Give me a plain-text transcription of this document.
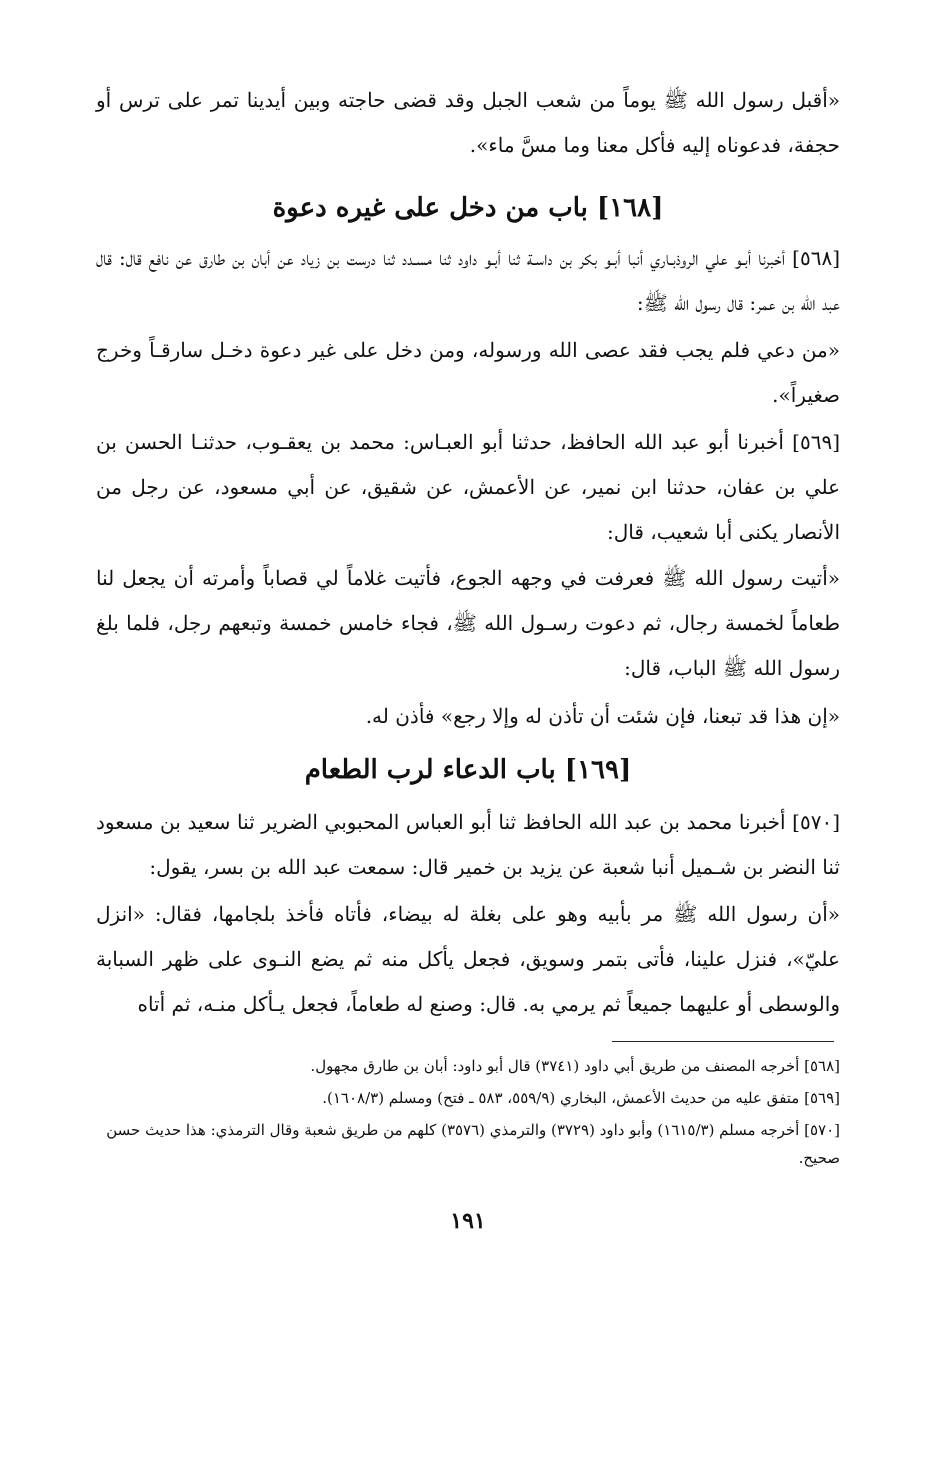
«أقبل رسول الله ﷺ يوماً من شعب الجبل وقد قضى حاجته وبين أيدينا تمر على ترس أو حجفة، فدعوناه إليه فأكل معنا وما مسَّ ماء».

[١٦٨] باب من دخل على غيره دعوة

[٥٦٨] أخبرنا أبـو علي الروذبـاري أنبا أبـو بكر بن داسـة ثنا أبـو داود ثنا مسـدد ثنا درست بن زياد عن أبان بن طارق عن نافع قال: قال عبد الله بن عمر: قال رسول الله ﷺ:

«من دعي فلم يجب فقد عصى الله ورسوله، ومن دخل على غير دعوة دخـل سارقـاً وخرج صغيراً».

[٥٦٩] أخبرنا أبو عبد الله الحافظ، حدثنا أبو العبـاس: محمد بن يعقـوب، حدثنـا الحسن بن علي بن عفان، حدثنا ابن نمير، عن الأعمش، عن شقيق، عن أبي مسعود، عن رجل من الأنصار يكنى أبا شعيب، قال:

«أتيت رسول الله ﷺ فعرفت في وجهه الجوع، فأتيت غلاماً لي قصاباً وأمرته أن يجعل لنا طعاماً لخمسة رجال، ثم دعوت رسـول الله ﷺ، فجاء خامس خمسة وتبعهم رجل، فلما بلغ رسول الله ﷺ الباب، قال:

«إن هذا قد تبعنا، فإن شئت أن تأذن له وإلا رجع» فأذن له.

[١٦٩] باب الدعاء لرب الطعام

[٥٧٠] أخبرنا محمد بن عبد الله الحافظ ثنا أبو العباس المحبوبي الضرير ثنا سعيد بن مسعود ثنا النضر بن شـميل أنبا شعبة عن يزيد بن خمير قال: سمعت عبد الله بن بسر، يقول:

«أن رسول الله ﷺ مر بأبيه وهو على بغلة له بيضاء، فأتاه فأخذ بلجامها، فقال: «انزل عليّ»، فنزل علينا، فأتى بتمر وسويق، فجعل يأكل منه ثم يضع النـوى على ظهر السبابة والوسطى أو عليهما جميعاً ثم يرمي به. قال: وصنع له طعاماً، فجعل يـأكل منـه، ثم أتاه

[٥٦٨] أخرجه المصنف من طريق أبي داود (٣٧٤١) قال أبو داود: أبان بن طارق مجهول.
[٥٦٩] متفق عليه من حديث الأعمش، البخاري (٥٥٩/٩، ٥٨٣ ـ فتح) ومسلم (١٦٠٨/٣).
[٥٧٠] أخرجه مسلم (١٦١٥/٣) وأبو داود (٣٧٢٩) والترمذي (٣٥٧٦) كلهم من طريق شعبة وقال الترمذي: هذا حديث حسن صحيح.
١٩١
